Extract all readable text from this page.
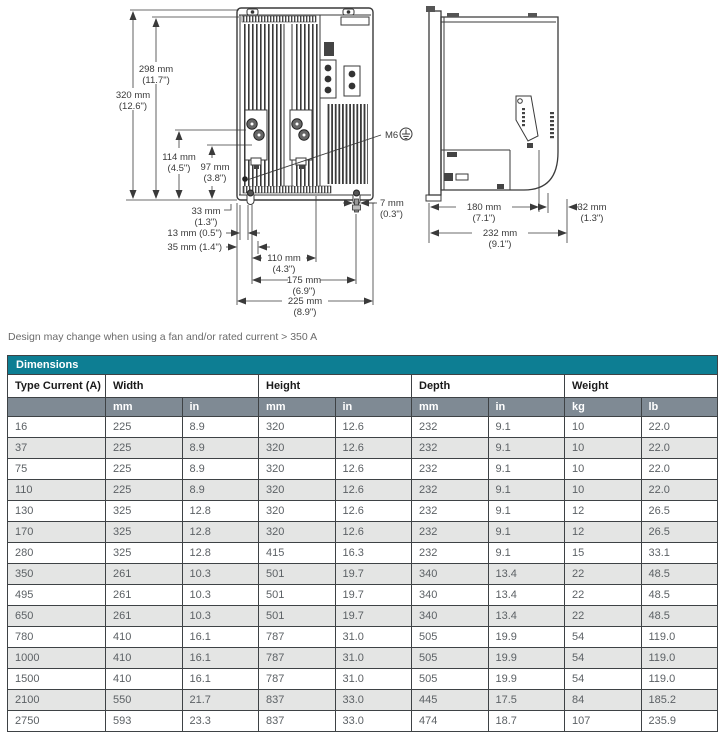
298 mm
(11.7")
320 mm
(12.6")
114 mm
(4.5") 97 mm
(3.8")
33 mm
(1.3")
13 mm (0.5")
35 mm (1.4")
110 mm
(4.3")
175 mm
(6.9")
225 mm
(8.9")
7 mm
(0.3")
M6
180 mm
(7.1")
32 mm
(1.3")
232 mm
(9.1")

Design may change when using a fan and/or rated current > 350 A

Dimensions								
Type Current (A)	Width		Height		Depth		Weight	
	mm	in	mm	in	mm	in	kg	lb
16	225	8.9	320	12.6	232	9.1	10	22.0
37	225	8.9	320	12.6	232	9.1	10	22.0
75	225	8.9	320	12.6	232	9.1	10	22.0
110	225	8.9	320	12.6	232	9.1	10	22.0
130	325	12.8	320	12.6	232	9.1	12	26.5
170	325	12.8	320	12.6	232	9.1	12	26.5
280	325	12.8	415	16.3	232	9.1	15	33.1
350	261	10.3	501	19.7	340	13.4	22	48.5
495	261	10.3	501	19.7	340	13.4	22	48.5
650	261	10.3	501	19.7	340	13.4	22	48.5
780	410	16.1	787	31.0	505	19.9	54	119.0
1000	410	16.1	787	31.0	505	19.9	54	119.0
1500	410	16.1	787	31.0	505	19.9	54	119.0
2100	550	21.7	837	33.0	445	17.5	84	185.2
2750	593	23.3	837	33.0	474	18.7	107	235.9
